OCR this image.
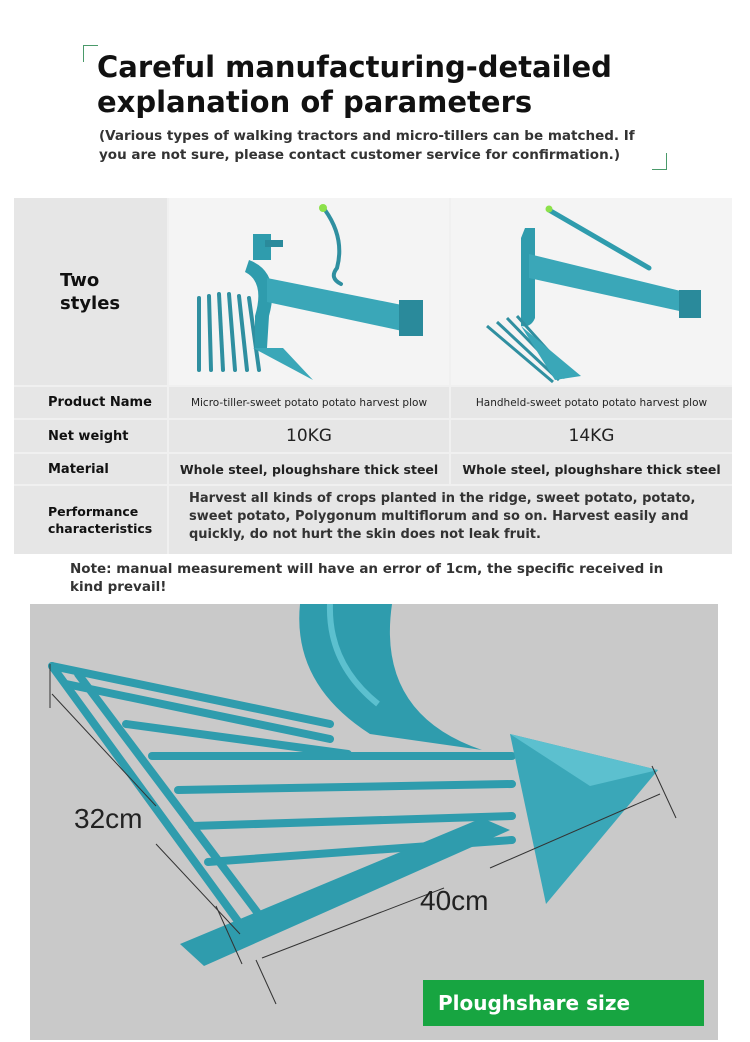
Careful manufacturing-detailed explanation of parameters

(Various types of walking tractors and micro-tillers can be matched. If you are not sure, please contact customer service for confirmation.)

Two styles
Product Name	Micro-tiller-sweet potato potato harvest plow	Handheld-sweet potato potato harvest plow
Net weight	10KG	14KG
Material	Whole steel, ploughshare thick steel	Whole steel, ploughshare thick steel
Performance characteristics
Harvest all kinds of crops planted in the ridge, sweet potato, potato, sweet potato, Polygonum multiflorum and so on. Harvest easily and quickly, do not hurt the skin does not leak fruit.

Note: manual measurement will have an error of 1cm, the specific received in kind prevail!

32cm
40cm
Ploughshare size
